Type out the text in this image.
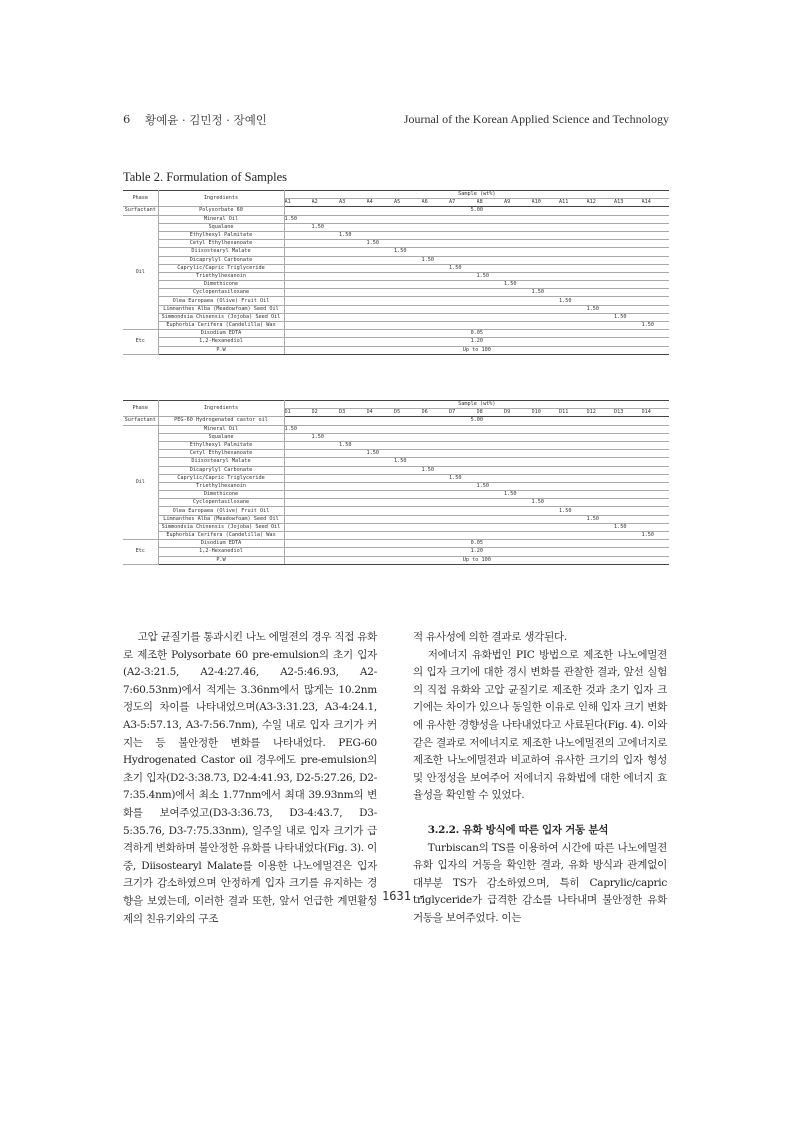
6 황예윤 · 김민정 · 장예인	Journal of the Korean Applied Science and Technology
Table 2. Formulation of Samples
Phase	Ingredients	Sample (wt%)													
		A1	A2	A3	A4	A5	A6	A7	A8	A9	A10	A11	A12	A13	A14
Surfactant	Polysorbate 60	5.00													
Oil	Mineral Oil	1.50													
	Squalane		1.50												
	Ethylhexyl Palmitate			1.50											
	Cetyl Ethylhexanoate				1.50										
	Diisostearyl Malate					1.50									
	Dicaprylyl Carbonate						1.50								
	Caprylic/Capric Triglyceride							1.50							
	Triethylhexanoin								1.50						
	Dimethicone									1.50					
	Cyclopentasiloxane										1.50				
	Olea Europaea (Olive) Fruit Oil											1.50			
	Limnanthes Alba (Meadowfoam) Seed Oil												1.50		
	Simmondsia Chinensis (Jojoba) Seed Oil													1.50	
	Euphorbia Cerifera (Candelilla) Wax														1.50
Etc	Disodium EDTA	0.05													
	1,2-Hexanediol	1.20													
	P.W	Up to 100													
Phase	Ingredients	Sample (wt%)													
		D1	D2	D3	D4	D5	D6	D7	D8	D9	D10	D11	D12	D13	D14
Surfactant	PEG-60 Hydrogenated castor oil	5.00													
Oil	Mineral Oil	1.50													
	Squalane		1.50												
	Ethylhexyl Palmitate			1.50											
	Cetyl Ethylhexanoate				1.50										
	Diisostearyl Malate					1.50									
	Dicaprylyl Carbonate						1.50								
	Caprylic/Capric Triglyceride							1.50							
	Triethylhexanoin								1.50						
	Dimethicone									1.50					
	Cyclopentasiloxane										1.50				
	Olea Europaea (Olive) Fruit Oil											1.50			
	Limnanthes Alba (Meadowfoam) Seed Oil												1.50		
	Simmondsia Chinensis (Jojoba) Seed Oil													1.50	
	Euphorbia Cerifera (Candelilla) Wax														1.50
Etc	Disodium EDTA	0.05													
	1,2-Hexanediol	1.20													
	P.W	Up to 100													

고압 균질기를 통과시킨 나노 에멀젼의 경우 직접 유화로 제조한 Polysorbate 60 pre-emulsion의 초기 입자(A2-3:21.5, A2-4:27.46, A2-5:46.93, A2-7:60.53nm)에서 적게는 3.36nm에서 많게는 10.2nm 정도의 차이를 나타내었으며(A3-3:31.23, A3-4:24.1, A3-5:57.13, A3-7:56.7nm), 수일 내로 입자 크기가 커지는 등 불안정한 변화를 나타내었다. PEG-60 Hydrogenated Castor oil 경우에도 pre-emulsion의 초기 입자(D2-3:38.73, D2-4:41.93, D2-5:27.26, D2-7:35.4nm)에서 최소 1.77nm에서 최대 39.93nm의 변화를 보여주었고(D3-3:36.73, D3-4:43.7, D3-5:35.76, D3-7:75.33nm), 일주일 내로 입자 크기가 급격하게 변화하며 불안정한 유화를 나타내었다(Fig. 3). 이 중, Diisostearyl Malate를 이용한 나노에멀견은 입자 크기가 감소하였으며 안정하게 입자 크기를 유지하는 경향을 보였는데, 이러한 결과 또한, 앞서 언급한 계면활성제의 친유기와의 구조

적 유사성에 의한 결과로 생각된다.

저에너지 유화법인 PIC 방법으로 제조한 나노에멀젼의 입자 크기에 대한 경시 변화를 관찰한 결과, 앞선 실험의 직접 유화와 고압 균질기로 제조한 것과 초기 입자 크기에는 차이가 있으나 동일한 이유로 인해 입자 크기 변화에 유사한 경향성을 나타내었다고 사료된다(Fig. 4). 이와 같은 결과로 저에너지로 제조한 나노에멀젼의 고에너지로 제조한 나노에멀젼과 비교하여 유사한 크기의 입자 형성 및 안정성을 보여주어 저에너지 유화법에 대한 에너지 효율성을 확인할 수 있었다.

3.2.2. 유화 방식에 따른 입자 거동 분석

Turbiscan의 TS를 이용하여 시간에 따른 나노에멀젼 유화 입자의 거동을 확인한 결과, 유화 방식과 관계없이 대부분 TS가 감소하였으며, 특히 Caprylic/capric triglyceride가 급격한 감소를 나타내며 불안정한 유화 거동을 보여주었다. 이는

- 1631 -
